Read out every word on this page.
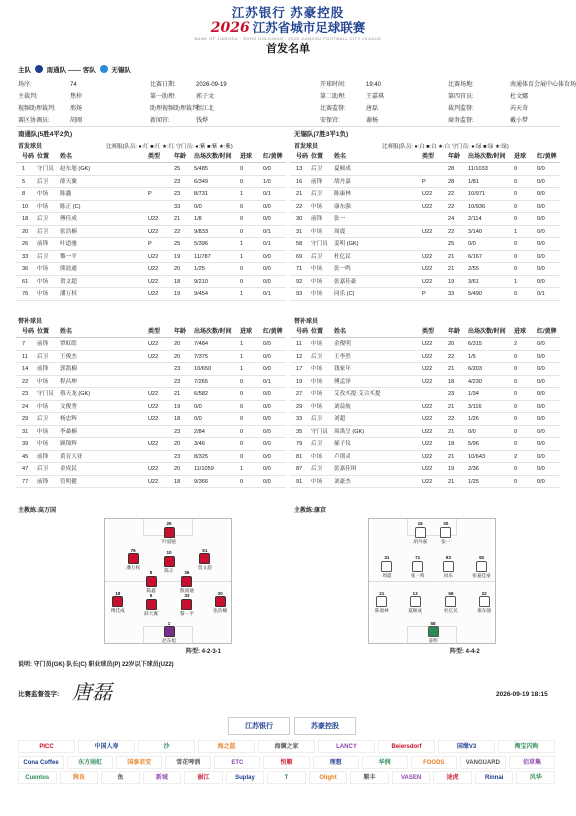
江苏银行 苏豪控股
2026 江苏省城市足球联赛
BANK OF JIANGSU · SOHO HOLDINGS · 2026 JIANGSU FOOTBALL CITY LEAGUE
首发名单
主队 南通队 —— 客队 无锡队
场序:	74	比赛日期:	2026-09-19	开球时间:	19:40	比赛场地:	南通体育会展中心体育场
主裁判:	焦梓	第一助理:	郭子文	第二助理:	王嘉琪	第四官员:	杜文娜
视频助理裁判: 邢炀	助理视频助理裁判:
程江北	比赛监督:	唐磊	裁判监督:	芮天奇
赛区协调员:	胡刚	新闻官:	钱烨	安保官:	谢杨	商务监督:	戴小梦
南通队(5胜4平2负)
首发球员	比赛服(队员: ●:红 ■:红 ★:红 守门员: ●:紫 ■:紫 ★:紫)
号码 位置 姓名	类型 年龄 出场次数/时间 进球 红/黄牌
1 守门员 赵东旭 (GK)	25 5/485	0	0/0
5 后卫 薛天翼	23 6/349	0	1/0
8 中场 陈鑫	P	23 8/731	1	0/1
10 中场 陈正 (C)	33 0/0	0	0/0
18 后卫 傅佳成	U22	21 1/8	0	0/0
20 后卫 张浩楠	U22	22 9/833	0	0/1
26 前锋 叶道驰	P	25 5/396	1	0/1
33 后卫 黎一平	U22	19 11/787	1	0/0
36 中场 熊晨通	U22	20 1/25	0	0/0
61 中场 贺文超	U22	18 9/210	0	0/0
76 中场 潘万权	U22	19 9/454	1	0/1
替补球员
号码 位置 姓名	类型 年龄 出场次数/时间 进球 红/黄牌
7 前锋 覃虹皓	U22	20 7/484	1	0/0
11 后卫 王俊杰	U22	20 7/375	1	0/0
14 前锋 郭凯楠	23 10/650	1	0/0
22 中场 程昌坤	23 7/265	0	0/1
23 守门员 蔡天龙 (GK)	U22	21 6/582	0	0/0
24 中场 文俊秀	U22	19 0/0	0	0/0
29 后卫 杨忠辉	U22	18 0/0	0	0/0
31 中场 李桑楠	23 2/84	0	0/0
39 中场 顾锦辉	U22	20 3/46	0	0/0
45 前锋 黄育大亚	23 8/325	0	0/0
47 后卫 金成民	U22	20 11/1059	1	0/0
77 前锋 管明健	U22	18 9/366	0	0/0
无锡队(7胜3平1负)
首发球员	比赛服(队员: ●:白 ■:白 ★:白 守门员: ●:绿 ■:绿 ★:绿)
号码 位置 姓名	类型 年龄 出场次数/时间 进球 红/黄牌
13 后卫 夏顿成	28 11/1033	0	0/0
16 前锋 胡丹嘉	P	28 1/81	0	0/0
21 后卫 陈康林	U22	22 10/971	0	0/0
22 中场 康东强	U22	22 10/936	0	0/0
30 前锋 张一	24 2/114	0	0/0
31 中场 周震	U22	22 3/140	1	0/0
58 守门员 姜明 (GK)	25 0/0	0	0/0
69 后卫 杜亿民	U22	21 6/167	0	0/0
71 中场 张一鸣	U22	21 2/55	0	0/0
92 中场 张嘉佳豪	U22	19 3/61	1	0/0
93 中场 同乐 (C)	P	33 5/490	0	0/1
替补球员
号码 位置 姓名	类型 年龄 出场次数/时间 进球 红/黄牌
11 中场 金俊明	U22	20 6/315	2	0/0
12 后卫 王李然	U22	22 1/5	0	0/0
17 中场 钱家年	U22	21 6/203	0	0/0
19 中场 傅孟泽	U22	18 4/230	0	0/0
27 中场 艾孜买提·艾合买提	23 1/34	0	0/0
29 中场 刘益航	U22	21 3/116	0	0/0
33 后卫 刘超	U22	22 1/26	0	0/0
35 守门员 周禹呈 (GK)	U22	21 0/0	0	0/0
79 后卫 郝子仪	U22	18 5/96	0	0/0
81 中场 卢則灵	U22	21 10/643	2	0/0
87 后卫 张嘉佳琪	U22	19 2/36	0	0/0
91 中场 刘豪杰	U22	21 1/25	0	0/0
主教练:高万国	主教练:康京
26
叶道驰
76
潘万权
10
陈正
61
贺文超
8
陈鑫
36
熊晨通
18
傅佳成
5
薛天翼
33
黎一平
20
张浩楠
1
赵东旭
16
胡丹嘉
30
张一
31
周震
71
张一鸣
93
同乐
92
张嘉佳豪
21
陈康林
13
夏顿成
69
杜亿民
22
康东强
58
姜明
阵型: 4-2-3-1	阵型: 4-4-2
说明: 守门员(GK) 队长(C) 职业球员(P) 22岁以下球员(U22)
比赛监督签字: 唐磊	2026-09-19 18:15
江苏银行	苏豪控股
PICC	中国人寿	沙	海之蓝	海澜之家	LANCY	Beiersdorf	国缘V3	淘宝闪购
Cona Coffee	东方雨虹	国泰君安	雪花啤酒	ETC	恒顺	理想	华润	FOODS	VANGUARD	佰草集
Cuentos	润良	鱼	新城	丽江	Suplay	T	Olight	顺丰	VASEN	途虎	Rinnai	风华
